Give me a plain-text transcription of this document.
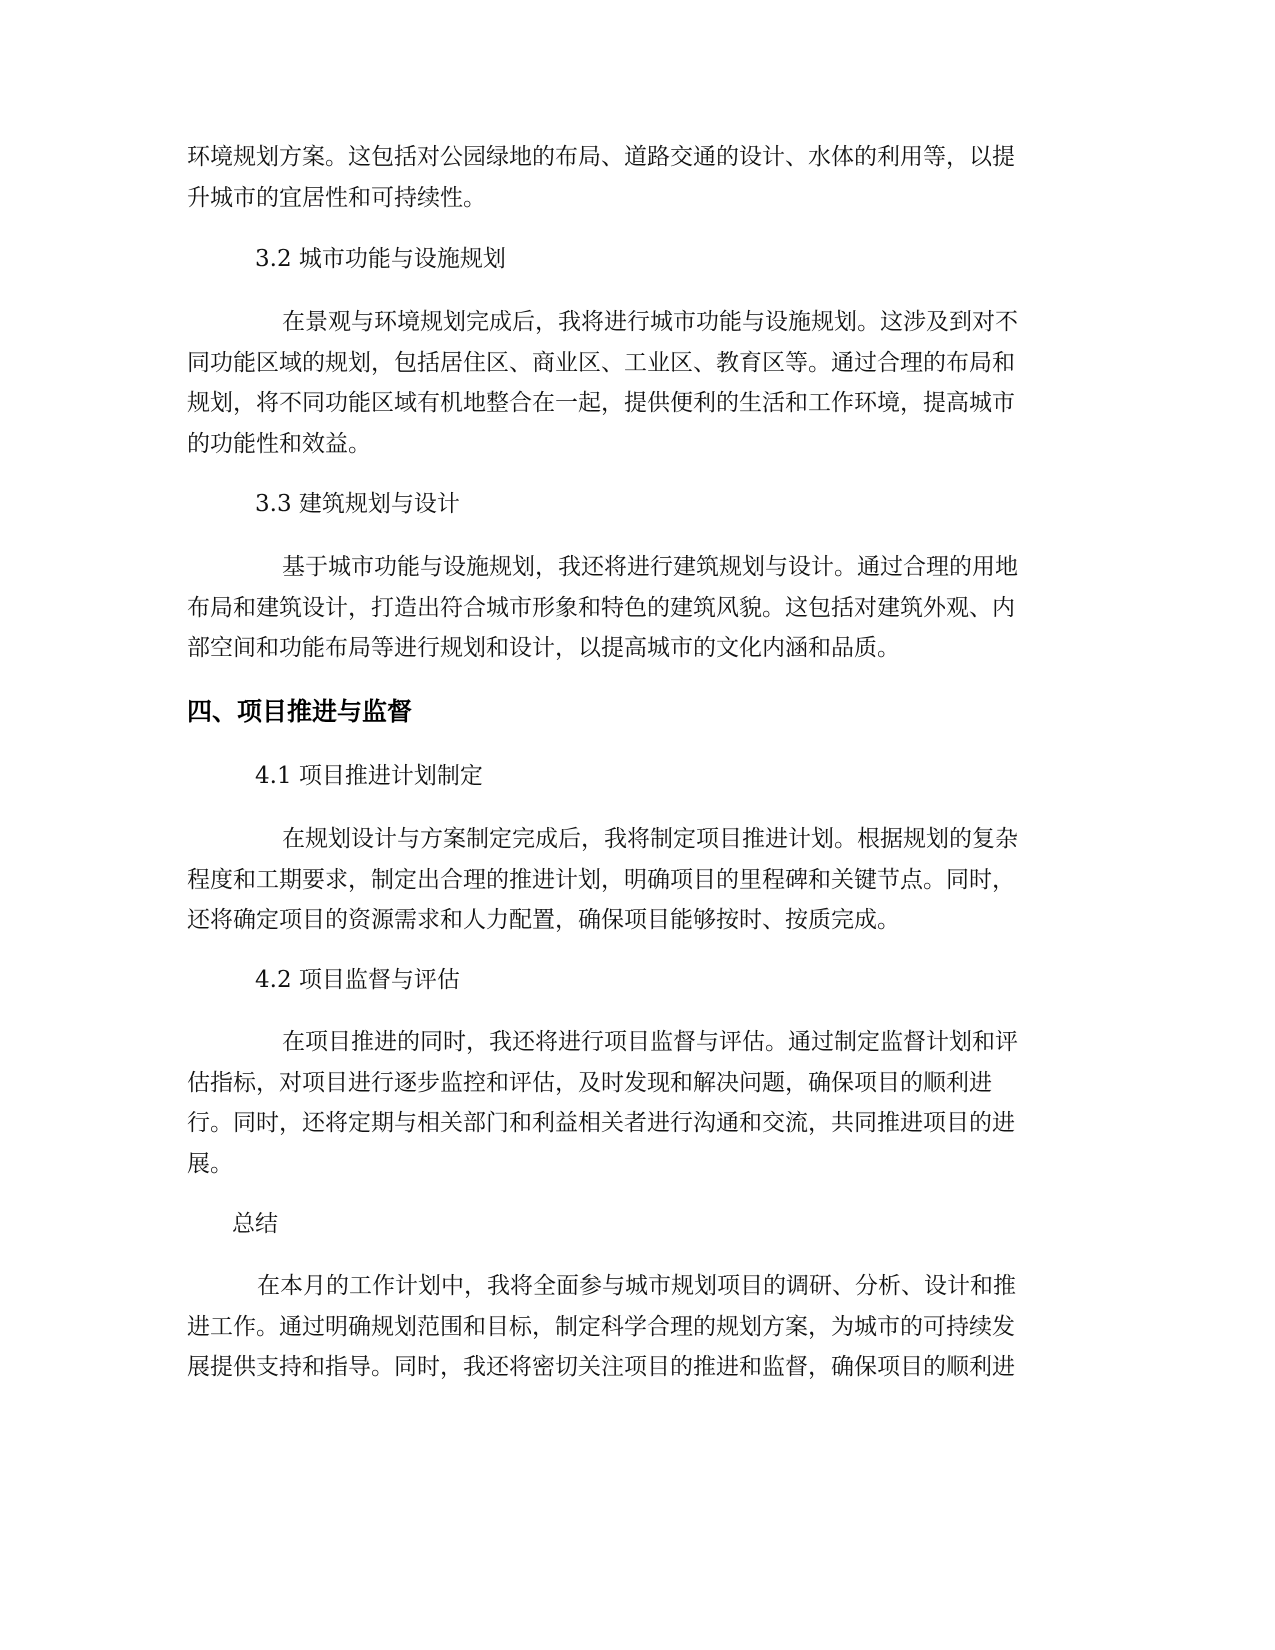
环境规划方案。这包括对公园绿地的布局、道路交通的设计、水体的利用等，以提
升城市的宜居性和可持续性。

3.2 城市功能与设施规划

在景观与环境规划完成后，我将进行城市功能与设施规划。这涉及到对不
同功能区域的规划，包括居住区、商业区、工业区、教育区等。通过合理的布局和
规划，将不同功能区域有机地整合在一起，提供便利的生活和工作环境，提高城市
的功能性和效益。

3.3 建筑规划与设计

基于城市功能与设施规划，我还将进行建筑规划与设计。通过合理的用地
布局和建筑设计，打造出符合城市形象和特色的建筑风貌。这包括对建筑外观、内
部空间和功能布局等进行规划和设计，以提高城市的文化内涵和品质。

四、项目推进与监督

4.1 项目推进计划制定

在规划设计与方案制定完成后，我将制定项目推进计划。根据规划的复杂
程度和工期要求，制定出合理的推进计划，明确项目的里程碑和关键节点。同时，
还将确定项目的资源需求和人力配置，确保项目能够按时、按质完成。

4.2 项目监督与评估

在项目推进的同时，我还将进行项目监督与评估。通过制定监督计划和评
估指标，对项目进行逐步监控和评估，及时发现和解决问题，确保项目的顺利进
行。同时，还将定期与相关部门和利益相关者进行沟通和交流，共同推进项目的进
展。

总结

在本月的工作计划中，我将全面参与城市规划项目的调研、分析、设计和推
进工作。通过明确规划范围和目标，制定科学合理的规划方案，为城市的可持续发
展提供支持和指导。同时，我还将密切关注项目的推进和监督，确保项目的顺利进
